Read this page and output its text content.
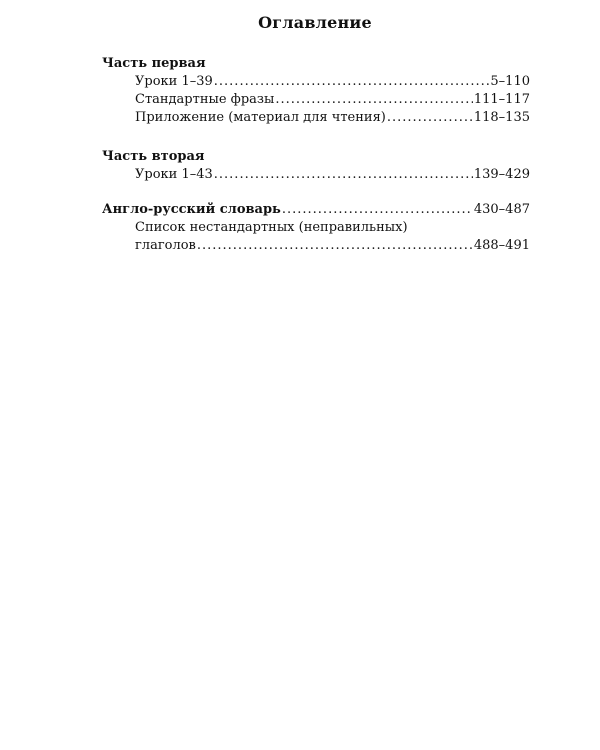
Оглавление
Часть первая
Уроки 1–39 .....	5–110
Стандартные фразы .....	111–117
Приложение (материал для чтения) .....	118–135
Часть вторая
Уроки 1–43 .....	139–429
Англо-русский словарь .....	430–487
Список нестандартных (неправильных)
глаголов .....	488–491
